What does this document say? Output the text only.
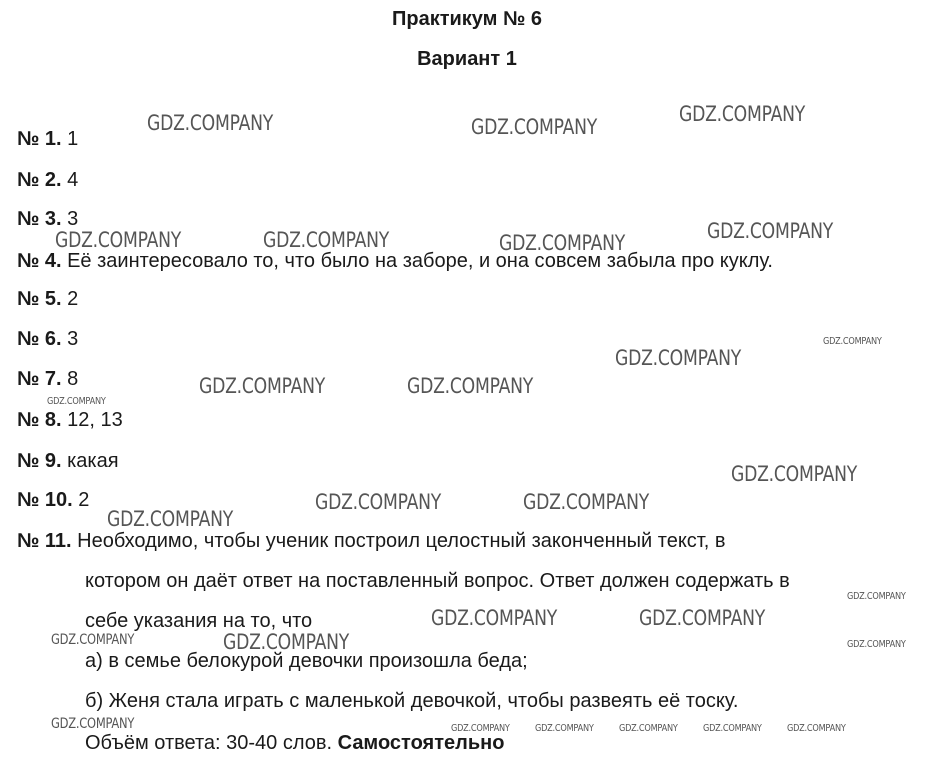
Практикум № 6
Вариант 1
№ 1. 1
№ 2. 4
№ 3. 3
№ 4. Её заинтересовало то, что было на заборе, и она совсем забыла про куклу.
№ 5. 2
№ 6. 3
№ 7. 8
№ 8. 12, 13
№ 9. какая
№ 10. 2
№ 11. Необходимо, чтобы ученик построил целостный законченный текст, в
котором он даёт ответ на поставленный вопрос. Ответ должен содержать в
себе указания на то, что
а) в семье белокурой девочки произошла беда;
б) Женя стала играть с маленькой девочкой, чтобы развеять её тоску.
Объём ответа: 30-40 слов. Самостоятельно
GDZ.COMPANY	GDZ.COMPANY
GDZ.COMPANY
GDZ.COMPANY	GDZ.COMPANY	GDZ.COMPANY	GDZ.COMPANY
GDZ.COMPANY
GDZ.COMPANY	GDZ.COMPANY
GDZ.COMPANY
GDZ.COMPANY	GDZ.COMPANY
GDZ.COMPANY
GDZ.COMPANY	GDZ.COMPANY
GDZ.COMPANY
GDZ.COMPANY
GDZ.COMPANY
GDZ.COMPANY
GDZ.COMPANY	GDZ.COMPANY
GDZ.COMPANY	GDZ.COMPANY	GDZ.COMPANY	GDZ.COMPANY	GDZ.COMPANY	GDZ.COMPANY
